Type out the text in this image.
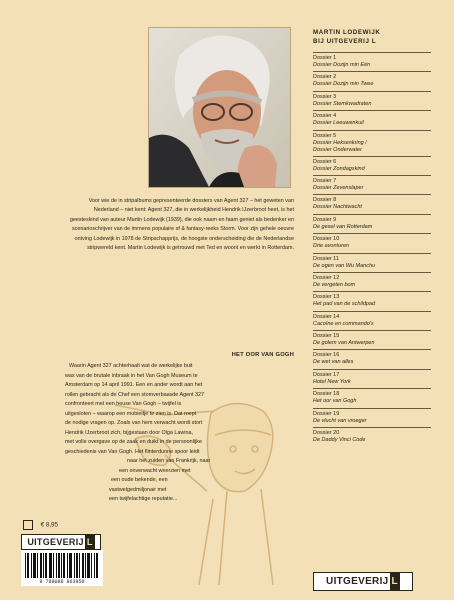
MARTIN LODEWIJK
BIJ UITGEVERIJ L
Dossier 1
Dossier Dozijn min Eén
Dossier 2
Dossier Dozijn min Twee
Dossier 3
Dossier Stemkwadraten
Dossier 4
Dossier Leeuwenkuil
Dossier 5
Dossier Heksenkring /
Dossier Onderwater
Dossier 6
Dossier Zondagskind
Dossier 7
Dossier Zevenslaper
Dossier 8
Dossier Nachtwacht
Dossier 9
De gesel van Rotterdam
Dossier 10
Drie avonturen
Dossier 11
De ogen van Wu Manchu
Dossier 12
De vergeten bom
Dossier 13
Het pad van de schildpad
Dossier 14
Cacoïne en commando's
Dossier 15
De golem van Antwerpen
Dossier 16
De wet van alles
Dossier 17
Hotel New York
Dossier 18
Het oor van Gogh
Dossier 19
De vlucht van vroeger
Dossier 20
De Daddy Vinci Code

Voor wie de in stripalbums gepresenteerde dossiers van Agent 327 – het geweten van Nederland – niet kent: Agent 327, die in werkelijkheid Hendrik IJzerbroot heet, is het geesteskind van auteur Martin Lodewijk (1939), die ook naam en faam geniet als bedenker en scenarioschrijver van de immens populaire sf & fantasy-reeks Storm. Voor zijn gehele oeuvre ontving Lodewijk in 1978 de Stripschapprijs, de hoogste onderscheiding die de Nederlandse stripwereld kent. Martin Lodewijk is getrouwd met Ted en woont en werkt in Rotterdam.

HET OOR VAN GOGH
Waarin Agent 327 achterhaalt wat de werkelijke buit
was van de brutale inbraak in het Van Gogh Museum te
Amsterdam op 14 april 1991. Een en ander wordt aan het
rollen gebracht als de Chef een stomverbaasde Agent 327
confronteert met een heuse Van Gogh – twijfel is
uitgesloten – waarop een mobieltje te zien is. Dat roept
de nodige vragen op. Zoals van hem verwacht wordt stort
Hendrik IJzerbroot zich, bijgestaan door Olga Lawina,
met volle overgave op de zaak en duikt in de persoonlijke
geschiedenis van Van Gogh. Het flinterdunne spoor leidt
naar het zuiden van Frankrijk, naar
een onverwacht weerzien met
een oude bekende, een
vastwelgedmiljonair met
een twijfelachtige reputatie...
€ 8,95
UITGEVERIJ L
9 789088 863950	UITGEVERIJ L
